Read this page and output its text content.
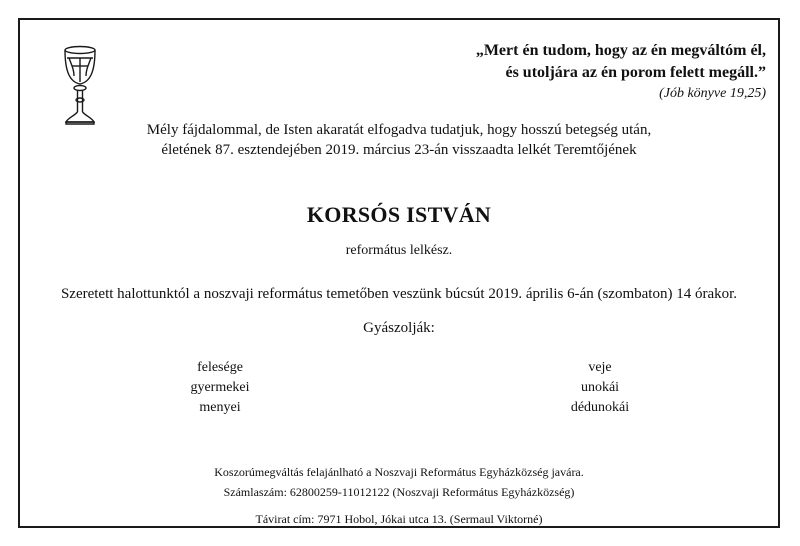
„Mert én tudom, hogy az én megváltóm él,
és utoljára az én porom felett megáll.”
(Jób könyve 19,25)
Mély fájdalommal, de Isten akaratát elfogadva tudatjuk, hogy hosszú betegség után,
életének 87. esztendejében 2019. március 23-án visszaadta lelkét Teremtőjének
KORSÓS ISTVÁN
református lelkész.
Szeretett halottunktól a noszvaji református temetőben veszünk búcsút 2019. április 6-án (szombaton) 14 órakor.
Gyászolják:
felesége
gyermekei
menyei
veje
unokái
dédunokái
Koszorúmegváltás felajánlható a Noszvaji Református Egyházközség javára.
Számlaszám: 62800259-11012122 (Noszvaji Református Egyházközség)
Távirat cím: 7971 Hobol, Jókai utca 13. (Sermaul Viktorné)
